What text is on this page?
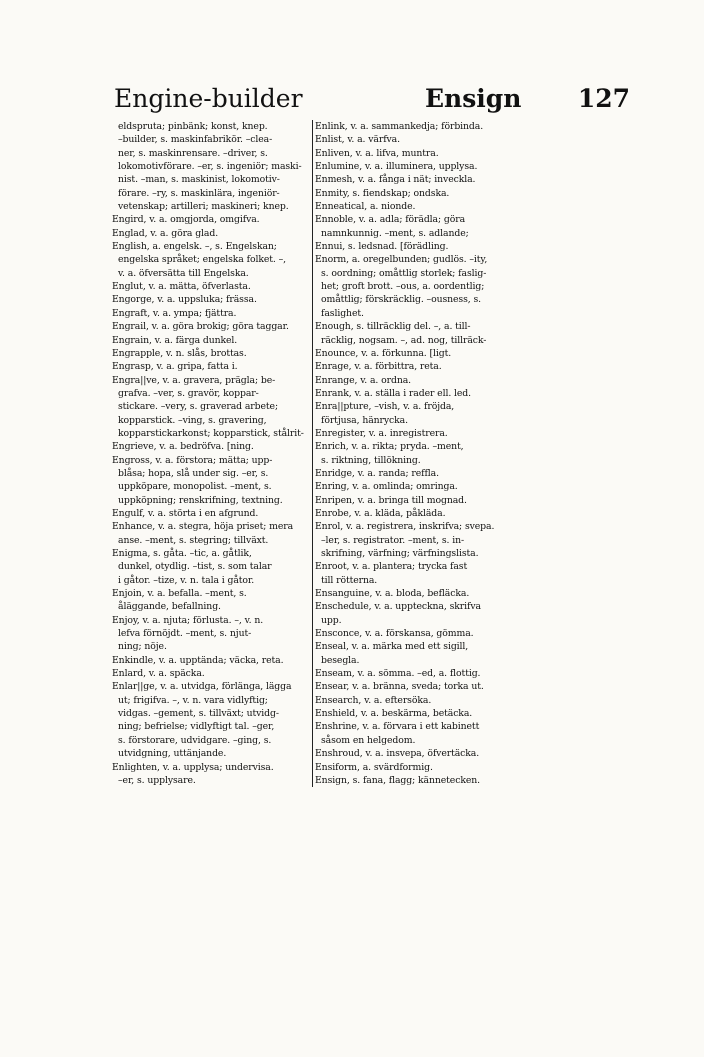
Engine-builder	Ensign 127
eldspruta; pinbänk; konst, knep.
–builder, s. maskinfabrikör. –clea-
ner, s. maskinrensare. –driver, s.
lokomotivförare. –er, s. ingeniör; maski-
nist. –man, s. maskinist, lokomotiv-
förare. –ry, s. maskinlära, ingeniör-
vetenskap; artilleri; maskineri; knep.
Engird, v. a. omgjorda, omgifva.
Englad, v. a. göra glad.
English, a. engelsk. –, s. Engelskan;
engelska språket; engelska folket. –,
v. a. öfversätta till Engelska.
Englut, v. a. mätta, öfverlasta.
Engorge, v. a. uppsluka; frässa.
Engraft, v. a. ympa; fjättra.
Engrail, v. a. göra brokig; göra taggar.
Engrain, v. a. färga dunkel.
Engrapple, v. n. slås, brottas.
Engrasp, v. a. gripa, fatta i.
Engra||ve, v. a. gravera, prägla; be-
grafva. –ver, s. gravör, koppar-
stickare. –very, s. graverad arbete;
kopparstick. –ving, s. gravering,
kopparstickarkonst; kopparstick, stålrit-
Engrieve, v. a. bedröfva. [ning.
Engross, v. a. förstora; mätta; upp-
blåsa; hopa, slå under sig. –er, s.
uppköpare, monopolist. –ment, s.
uppköpning; renskrifning, textning.
Engulf, v. a. störta i en afgrund.
Enhance, v. a. stegra, höja priset; mera
anse. –ment, s. stegring; tillväxt.
Enigma, s. gåta. –tic, a. gåtlik,
dunkel, otydlig. –tist, s. som talar
i gåtor. –tize, v. n. tala i gåtor.
Enjoin, v. a. befalla. –ment, s.
åläggande, befallning.
Enjoy, v. a. njuta; förlusta. –, v. n.
lefva förnöjdt. –ment, s. njut-
ning; nöje.
Enkindle, v. a. upptända; väcka, reta.
Enlard, v. a. späcka.
Enlar||ge, v. a. utvidga, förlänga, lägga
ut; frigifva. –, v. n. vara vidlyftig;
vidgas. –gement, s. tillväxt; utvidg-
ning; befrielse; vidlyftigt tal. –ger,
s. förstorare, udvidgare. –ging, s.
utvidgning, uttänjande.
Enlighten, v. a. upplysa; undervisa.
–er, s. upplysare.
Enlink, v. a. sammankedja; förbinda.
Enlist, v. a. värfva.
Enliven, v. a. lifva, muntra.
Enlumine, v. a. illuminera, upplysa.
Enmesh, v. a. fånga i nät; inveckla.
Enmity, s. fiendskap; ondska.
Enneatical, a. nionde.
Ennoble, v. a. adla; förädla; göra
namnkunnig. –ment, s. adlande;
Ennui, s. ledsnad. [förädling.
Enorm, a. oregelbunden; gudlös. –ity,
s. oordning; omåttlig storlek; faslig-
het; groft brott. –ous, a. oordentlig;
omåttlig; förskräcklig. –ousness, s.
faslighet.
Enough, s. tillräcklig del. –, a. till-
räcklig, nogsam. –, ad. nog, tillräck-
Enounce, v. a. förkunna. [ligt.
Enrage, v. a. förbittra, reta.
Enrange, v. a. ordna.
Enrank, v. a. ställa i rader ell. led.
Enra||pture, –vish, v. a. fröjda,
förtjusa, hänrycka.
Enregister, v. a. inregistrera.
Enrich, v. a. rikta; pryda. –ment,
s. riktning, tillökning.
Enridge, v. a. randa; reffla.
Enring, v. a. omlinda; omringa.
Enripen, v. a. bringa till mognad.
Enrobe, v. a. kläda, påkläda.
Enrol, v. a. registrera, inskrifva; svepa.
–ler, s. registrator. –ment, s. in-
skrifning, värfning; värfningslista.
Enroot, v. a. plantera; trycka fast
till rötterna.
Ensanguine, v. a. bloda, befläcka.
Enschedule, v. a. uppteckna, skrifva
upp.
Ensconce, v. a. förskansa, gömma.
Enseal, v. a. märka med ett sigill,
besegla.
Enseam, v. a. sömma. –ed, a. flottig.
Ensear, v. a. bränna, sveda; torka ut.
Ensearch, v. a. eftersöka.
Enshield, v. a. beskärma, betäcka.
Enshrine, v. a. förvara i ett kabinett
såsom en helgedom.
Enshroud, v. a. insvepa, öfvertäcka.
Ensiform, a. svärdformig.
Ensign, s. fana, flagg; kännetecken.
